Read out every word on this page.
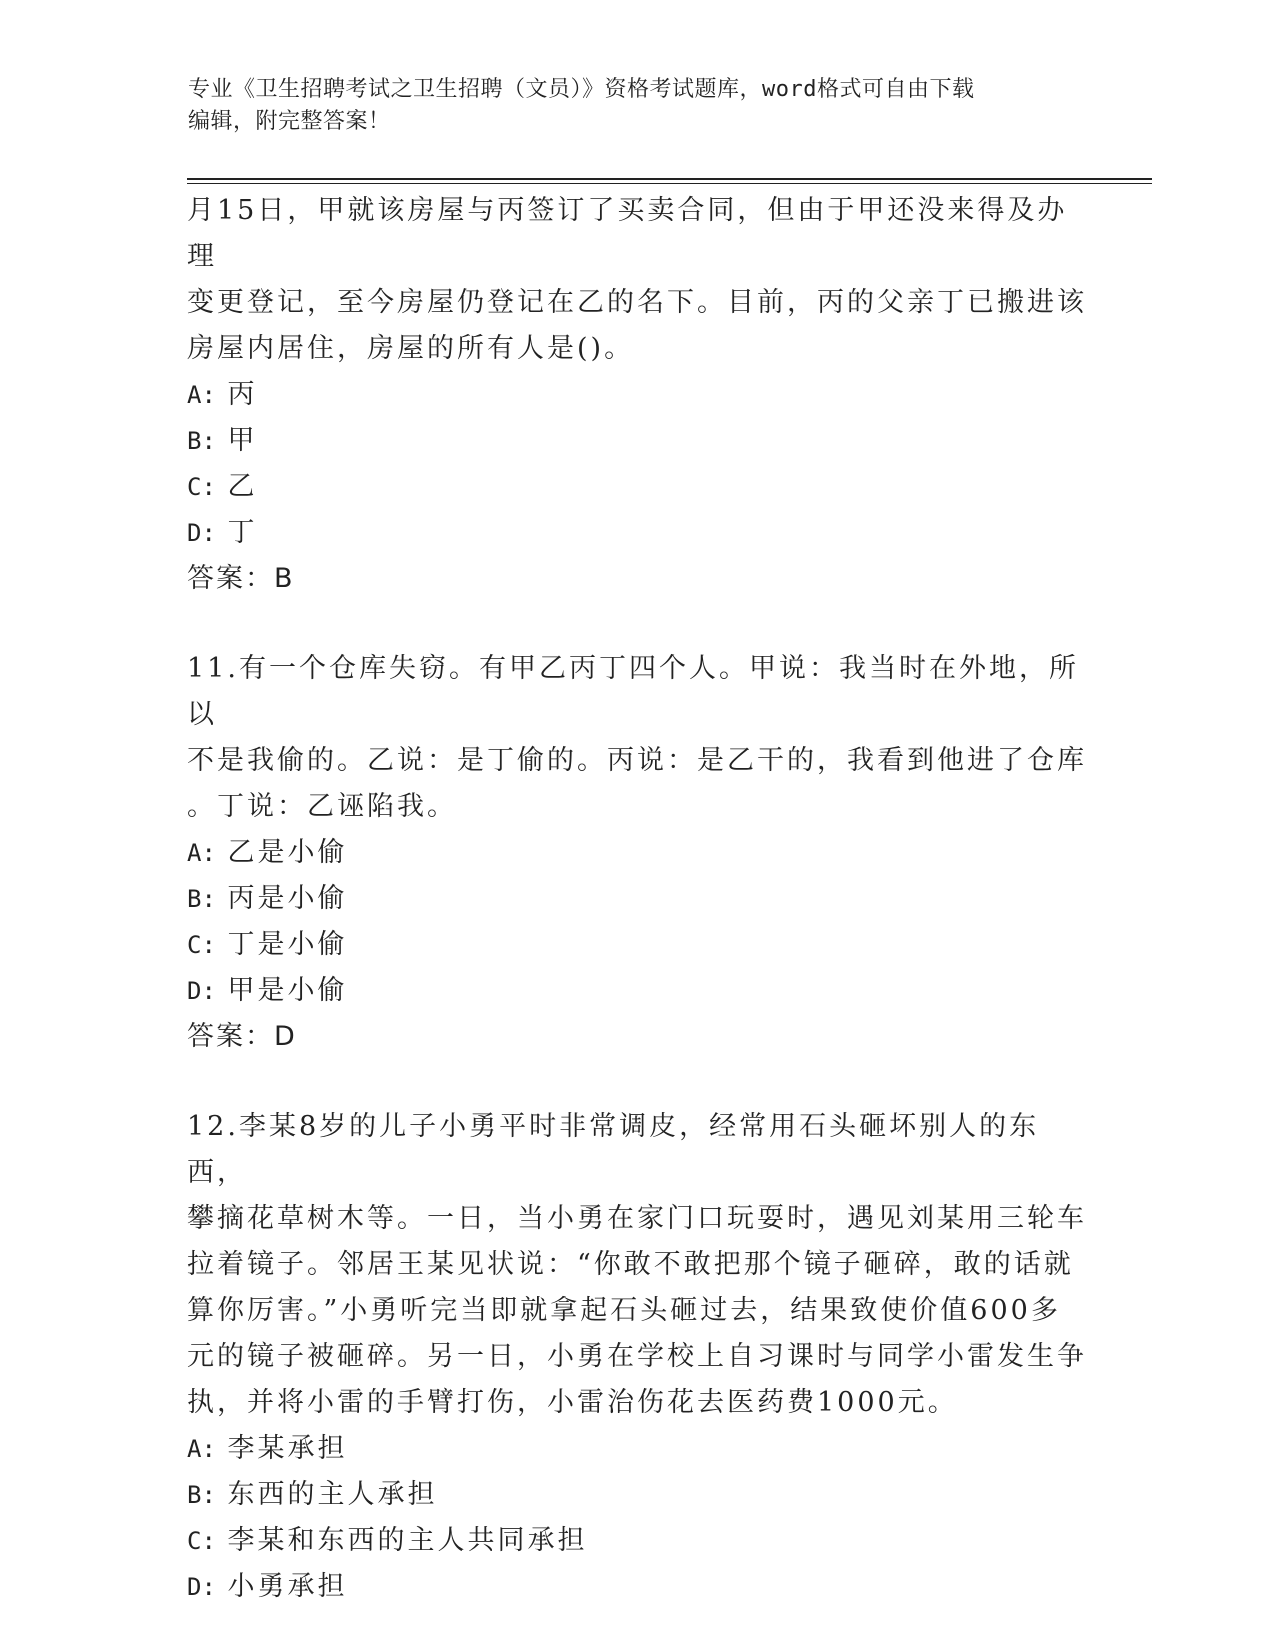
专业《卫生招聘考试之卫生招聘（文员）》资格考试题库，word格式可自由下载
编辑，附完整答案！

月15日，甲就该房屋与丙签订了买卖合同，但由于甲还没来得及办理

变更登记，至今房屋仍登记在乙的名下。目前，丙的父亲丁已搬进该

房屋内居住，房屋的所有人是()。

A: 丙

B: 甲

C: 乙

D: 丁

答案：B

11.有一个仓库失窃。有甲乙丙丁四个人。甲说：我当时在外地，所以

不是我偷的。乙说：是丁偷的。丙说：是乙干的，我看到他进了仓库

。丁说：乙诬陷我。

A: 乙是小偷

B: 丙是小偷

C: 丁是小偷

D: 甲是小偷

答案：D

12.李某8岁的儿子小勇平时非常调皮，经常用石头砸坏别人的东西，

攀摘花草树木等。一日，当小勇在家门口玩耍时，遇见刘某用三轮车

拉着镜子。邻居王某见状说：“你敢不敢把那个镜子砸碎，敢的话就

算你厉害。”小勇听完当即就拿起石头砸过去，结果致使价值600多

元的镜子被砸碎。另一日，小勇在学校上自习课时与同学小雷发生争

执，并将小雷的手臂打伤，小雷治伤花去医药费1000元。

A: 李某承担

B: 东西的主人承担

C: 李某和东西的主人共同承担

D: 小勇承担
